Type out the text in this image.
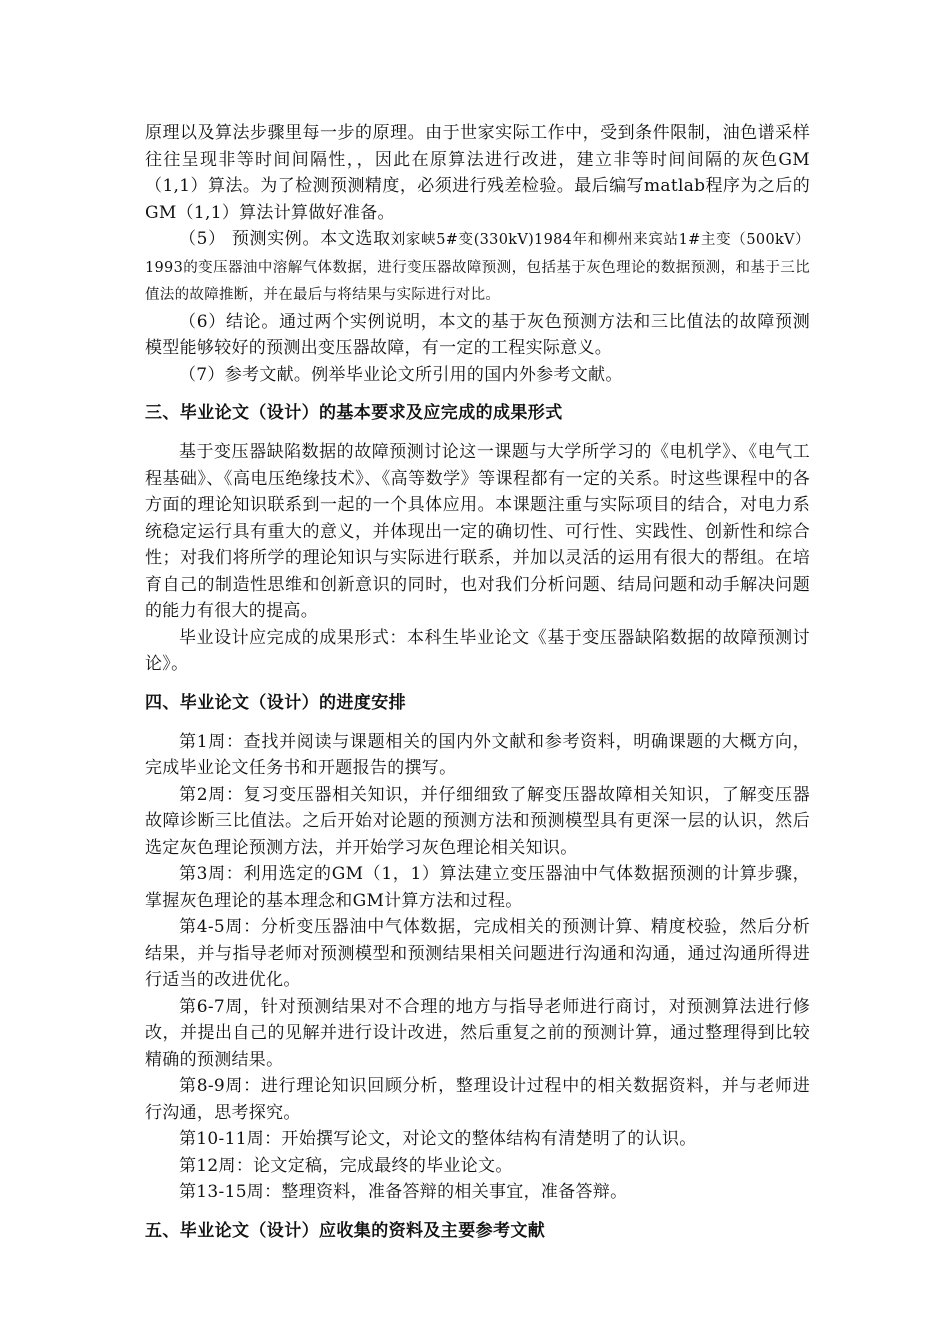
原理以及算法步骤里每一步的原理。由于世家实际工作中，受到条件限制，油色谱采样往往呈现非等时间间隔性，，因此在原算法进行改进，建立非等时间间隔的灰色GM（1,1）算法。为了检测预测精度，必须进行残差检验。最后编写matlab程序为之后的GM（1,1）算法计算做好准备。

（5） 预测实例。本文选取刘家峡5#变(330kV)1984年和柳州来宾站1#主变（500kV）1993的变压器油中溶解气体数据，进行变压器故障预测，包括基于灰色理论的数据预测，和基于三比值法的故障推断，并在最后与将结果与实际进行对比。

（6）结论。通过两个实例说明，本文的基于灰色预测方法和三比值法的故障预测模型能够较好的预测出变压器故障，有一定的工程实际意义。

（7）参考文献。例举毕业论文所引用的国内外参考文献。

三、毕业论文（设计）的基本要求及应完成的成果形式

基于变压器缺陷数据的故障预测讨论这一课题与大学所学习的《电机学》、《电气工程基础》、《高电压绝缘技术》、《高等数学》等课程都有一定的关系。时这些课程中的各方面的理论知识联系到一起的一个具体应用。本课题注重与实际项目的结合，对电力系统稳定运行具有重大的意义，并体现出一定的确切性、可行性、实践性、创新性和综合性；对我们将所学的理论知识与实际进行联系，并加以灵活的运用有很大的帮组。在培育自己的制造性思维和创新意识的同时，也对我们分析问题、结局问题和动手解决问题的能力有很大的提高。

毕业设计应完成的成果形式：本科生毕业论文《基于变压器缺陷数据的故障预测讨论》。

四、毕业论文（设计）的进度安排

第1周：查找并阅读与课题相关的国内外文献和参考资料，明确课题的大概方向，完成毕业论文任务书和开题报告的撰写。

第2周：复习变压器相关知识，并仔细细致了解变压器故障相关知识，了解变压器故障诊断三比值法。之后开始对论题的预测方法和预测模型具有更深一层的认识，然后选定灰色理论预测方法，并开始学习灰色理论相关知识。

第3周：利用选定的GM（1，1）算法建立变压器油中气体数据预测的计算步骤，掌握灰色理论的基本理念和GM计算方法和过程。

第4-5周：分析变压器油中气体数据，完成相关的预测计算、精度校验，然后分析结果，并与指导老师对预测模型和预测结果相关问题进行沟通和沟通，通过沟通所得进行适当的改进优化。

第6-7周，针对预测结果对不合理的地方与指导老师进行商讨，对预测算法进行修改，并提出自己的见解并进行设计改进，然后重复之前的预测计算，通过整理得到比较精确的预测结果。

第8-9周：进行理论知识回顾分析，整理设计过程中的相关数据资料，并与老师进行沟通，思考探究。

第10-11周：开始撰写论文，对论文的整体结构有清楚明了的认识。

第12周：论文定稿，完成最终的毕业论文。

第13-15周：整理资料，准备答辩的相关事宜，准备答辩。

五、毕业论文（设计）应收集的资料及主要参考文献
